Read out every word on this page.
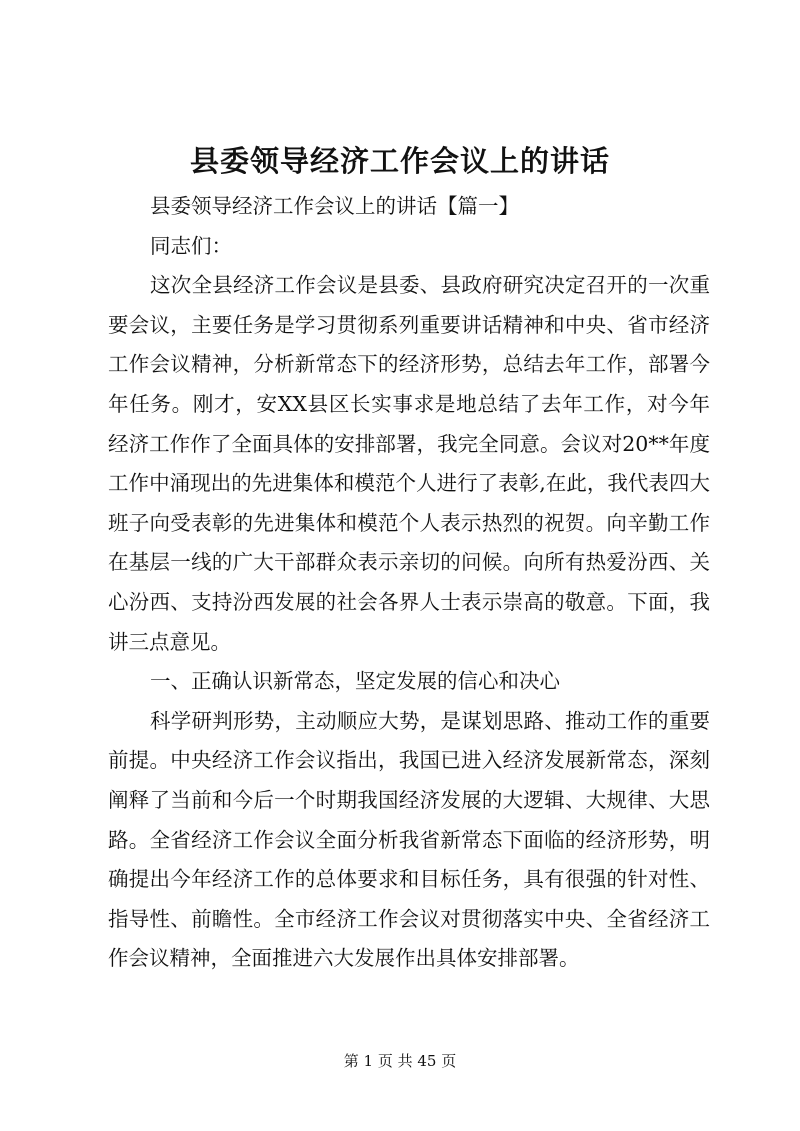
县委领导经济工作会议上的讲话

县委领导经济工作会议上的讲话【篇一】

同志们：

这次全县经济工作会议是县委、县政府研究决定召开的一次重要会议，主要任务是学习贯彻系列重要讲话精神和中央、省市经济工作会议精神，分析新常态下的经济形势，总结去年工作，部署今年任务。刚才，安XX县区长实事求是地总结了去年工作，对今年经济工作作了全面具体的安排部署，我完全同意。会议对20**年度工作中涌现出的先进集体和模范个人进行了表彰,在此，我代表四大班子向受表彰的先进集体和模范个人表示热烈的祝贺。向辛勤工作在基层一线的广大干部群众表示亲切的问候。向所有热爱汾西、关心汾西、支持汾西发展的社会各界人士表示崇高的敬意。下面，我讲三点意见。

一、正确认识新常态，坚定发展的信心和决心

科学研判形势，主动顺应大势，是谋划思路、推动工作的重要前提。中央经济工作会议指出，我国已进入经济发展新常态，深刻阐释了当前和今后一个时期我国经济发展的大逻辑、大规律、大思路。全省经济工作会议全面分析我省新常态下面临的经济形势，明确提出今年经济工作的总体要求和目标任务，具有很强的针对性、指导性、前瞻性。全市经济工作会议对贯彻落实中央、全省经济工作会议精神，全面推进六大发展作出具体安排部署。

第 1 页 共 45 页
